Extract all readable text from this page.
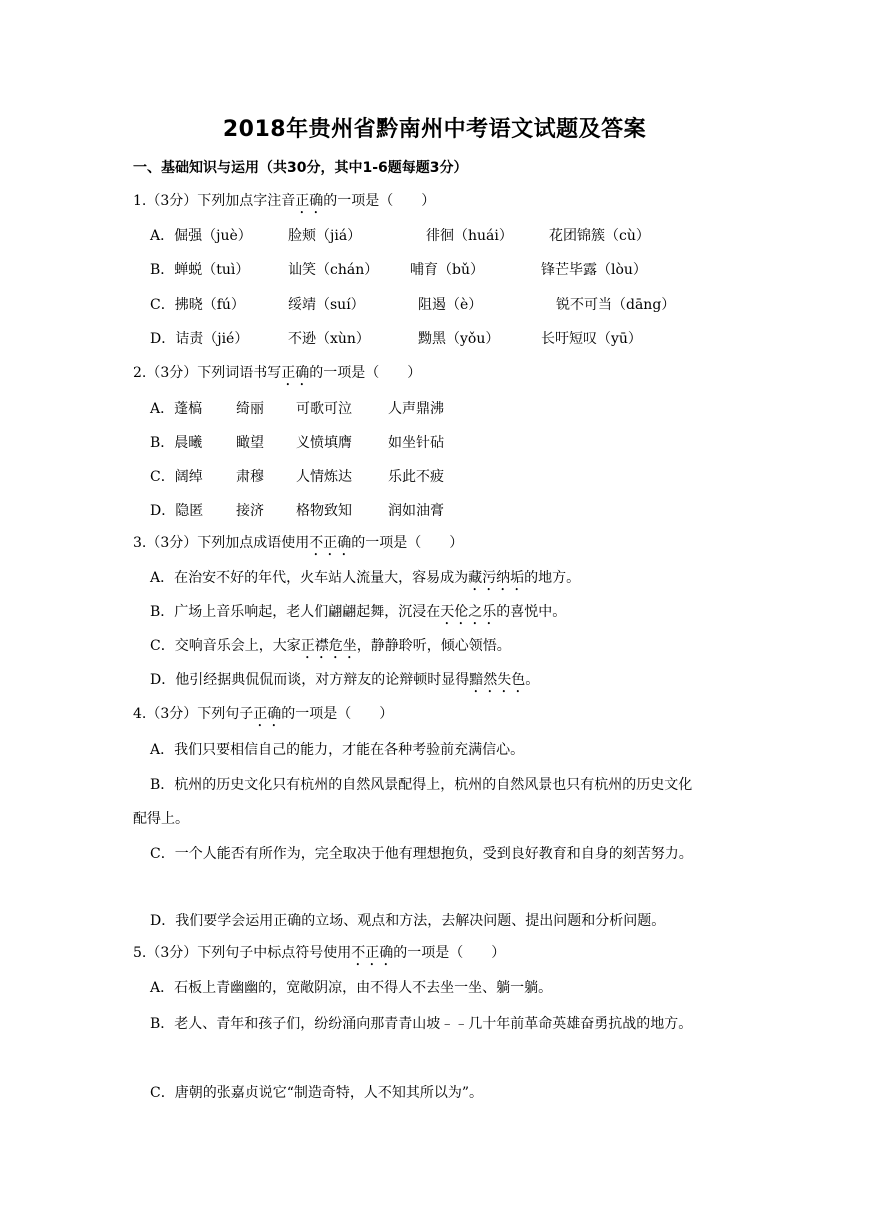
2018年贵州省黔南州中考语文试题及答案
一、基础知识与运用（共30分，其中1-6题每题3分）
1.（3分）下列加点字注音正确的一项是（　　）
A．倔强（juè）	脸颊（jiá）	徘徊（huái）	花团锦簇（cù）
B．蝉蜕（tuì）	讪笑（chán） 哺育（bǔ）	锋芒毕露（lòu）
C．拂晓（fú）	绥靖（suí）	阻遏（è）	锐不可当（dāng）
D．诘责（jié）	不逊（xùn）	黝黑（yǒu）	长吁短叹（yū）
2.（3分）下列词语书写正确的一项是（　　）
A．蓬槁 绮丽 可歌可泣	人声鼎沸
B．晨曦 瞰望 义愤填膺	如坐针砧
C．阔绰 肃穆 人情炼达	乐此不疲
D．隐匿 接济 格物致知	润如油膏
3.（3分）下列加点成语使用不正确的一项是（　　）
A．在治安不好的年代，火车站人流量大，容易成为藏污纳垢的地方。
B．广场上音乐响起，老人们翩翩起舞，沉浸在天伦之乐的喜悦中。
C．交响音乐会上，大家正襟危坐，静静聆听，倾心领悟。
D．他引经据典侃侃而谈，对方辩友的论辩顿时显得黯然失色。
4.（3分）下列句子正确的一项是（　　）
A．我们只要相信自己的能力，才能在各种考验前充满信心。
B．杭州的历史文化只有杭州的自然风景配得上，杭州的自然风景也只有杭州的历史文化
配得上。
C．一个人能否有所作为，完全取决于他有理想抱负，受到良好教育和自身的刻苦努力。
D．我们要学会运用正确的立场、观点和方法，去解决问题、提出问题和分析问题。
5.（3分）下列句子中标点符号使用不正确的一项是（　　）
A．石板上青幽幽的，宽敞阴凉，由不得人不去坐一坐、躺一躺。
B．老人、青年和孩子们，纷纷涌向那青青山坡﹣﹣几十年前革命英雄奋勇抗战的地方。
C．唐朝的张嘉贞说它“制造奇特，人不知其所以为”。
